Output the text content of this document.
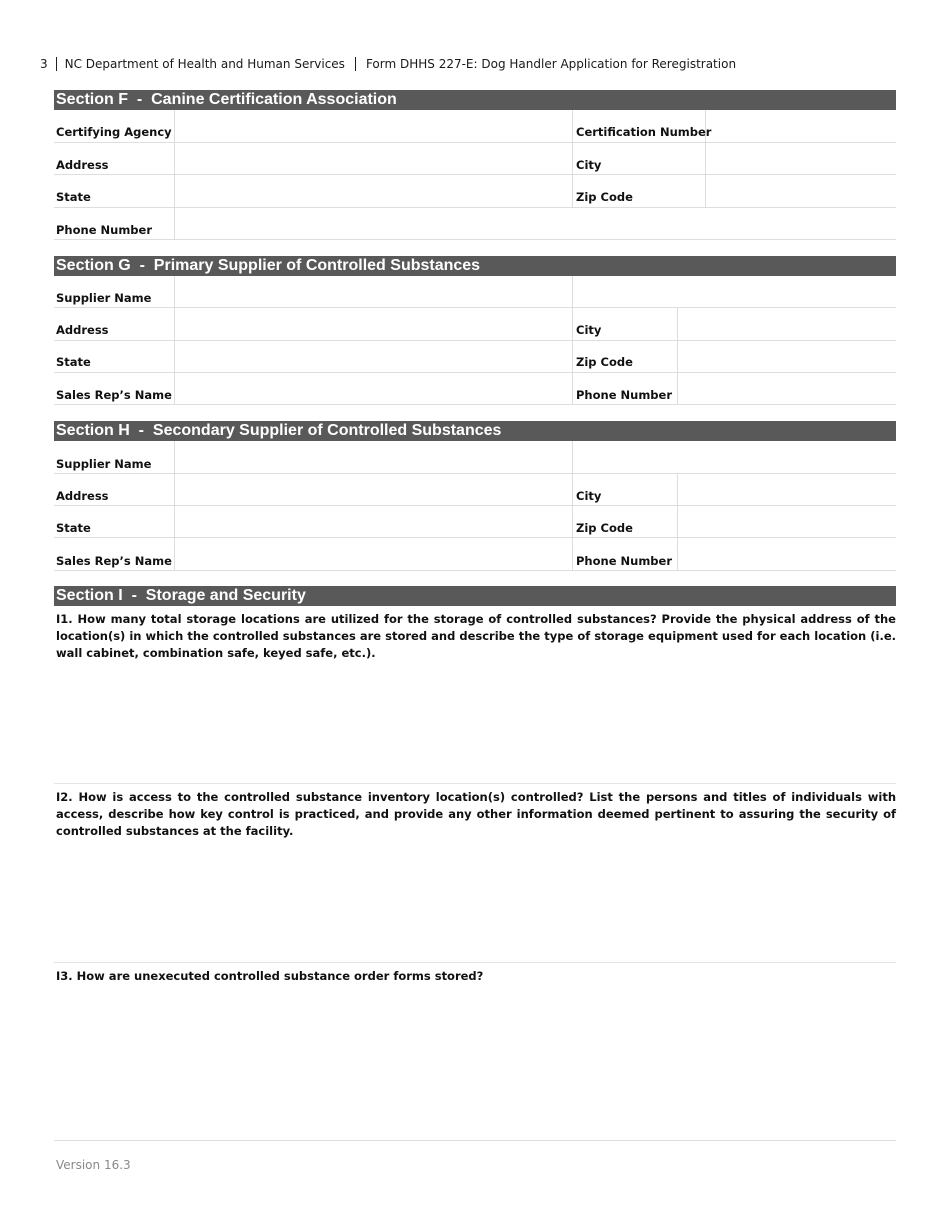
3	NC Department of Health and Human Services	Form DHHS 227-E: Dog Handler Application for Reregistration
Section F  -  Canine Certification Association
Certifying Agency	Certification Number
Address	City
State	Zip Code
Phone Number
Section G  -  Primary Supplier of Controlled Substances
Supplier Name
Address	City
State	Zip Code
Sales Rep’s Name	Phone Number
Section H  -  Secondary Supplier of Controlled Substances
Supplier Name
Address	City
State	Zip Code
Sales Rep’s Name	Phone Number
Section I  -  Storage and Security
I1. How many total storage locations are utilized for the storage of controlled substances? Provide the physical address of the location(s) in which the controlled substances are stored and describe the type of storage equipment used for each location (i.e. wall cabinet, combination safe, keyed safe, etc.).
I2. How is access to the controlled substance inventory location(s) controlled? List the persons and titles of individuals with access, describe how key control is practiced, and provide any other information deemed pertinent to assuring the security of controlled substances at the facility.
I3. How are unexecuted controlled substance order forms stored?
Version 16.3
